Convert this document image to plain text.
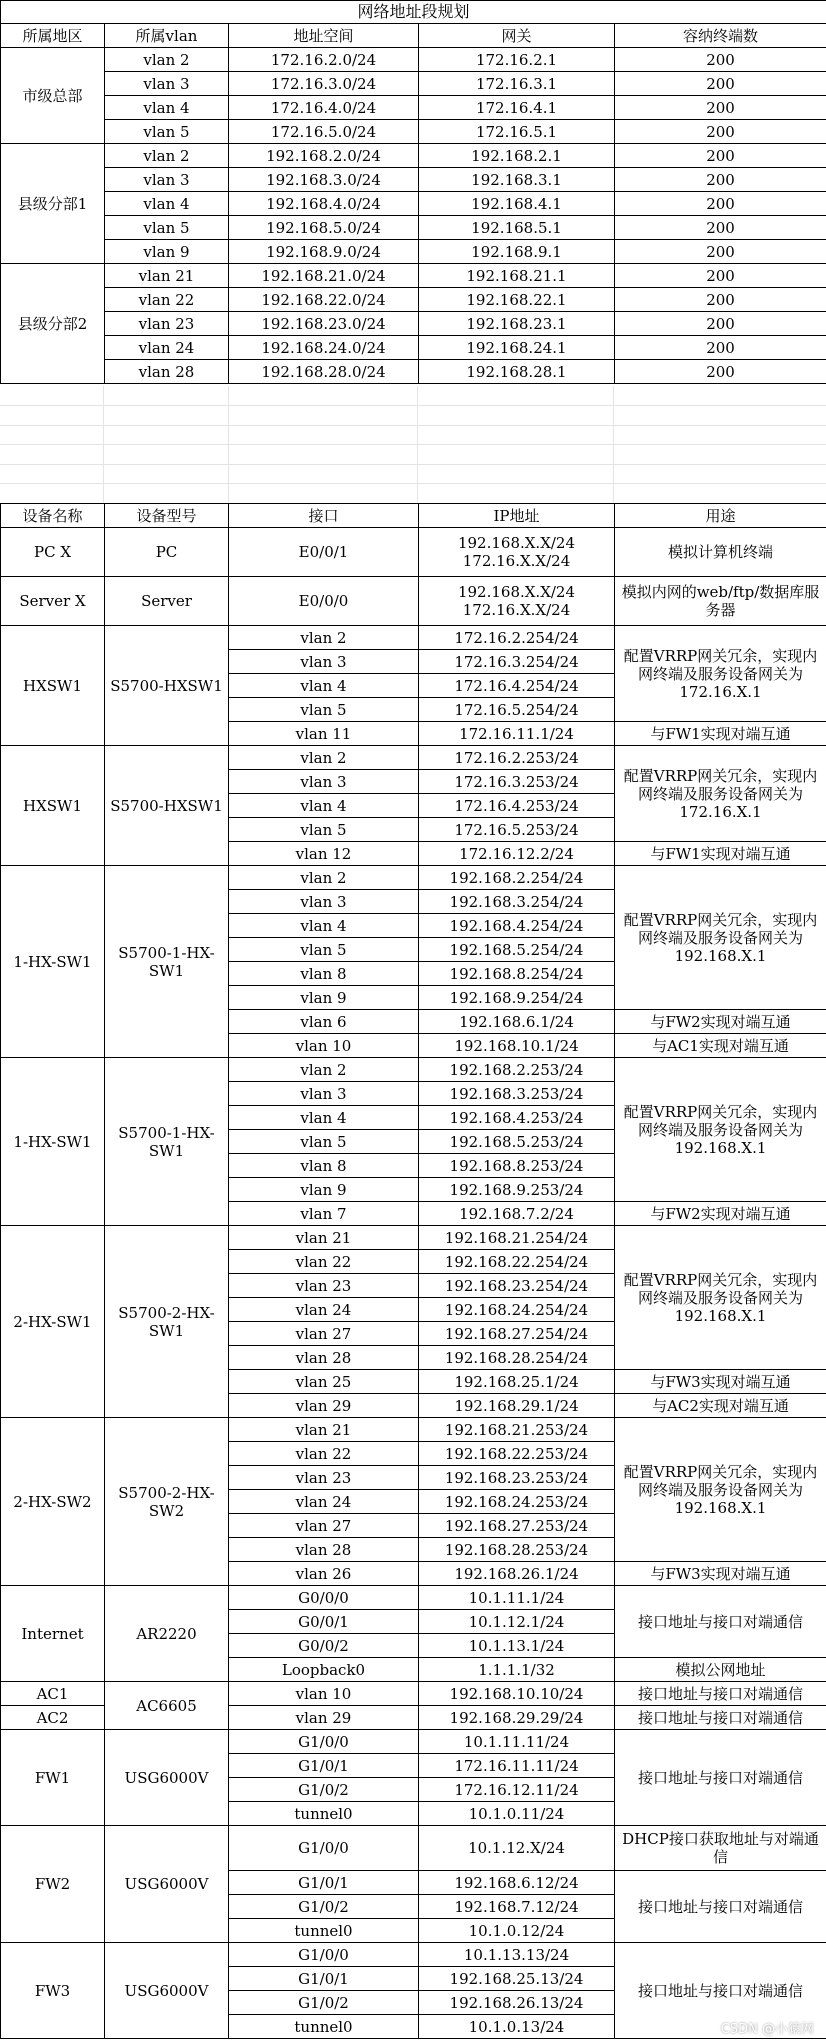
网络地址段规划				
所属地区	所属vlan	地址空间	网关	容纳终端数
市级总部	vlan 2	172.16.2.0/24	172.16.2.1	200
	vlan 3	172.16.3.0/24	172.16.3.1	200
	vlan 4	172.16.4.0/24	172.16.4.1	200
	vlan 5	172.16.5.0/24	172.16.5.1	200
县级分部1	vlan 2	192.168.2.0/24	192.168.2.1	200
	vlan 3	192.168.3.0/24	192.168.3.1	200
	vlan 4	192.168.4.0/24	192.168.4.1	200
	vlan 5	192.168.5.0/24	192.168.5.1	200
	vlan 9	192.168.9.0/24	192.168.9.1	200
县级分部2	vlan 21	192.168.21.0/24	192.168.21.1	200
	vlan 22	192.168.22.0/24	192.168.22.1	200
	vlan 23	192.168.23.0/24	192.168.23.1	200
	vlan 24	192.168.24.0/24	192.168.24.1	200
	vlan 28	192.168.28.0/24	192.168.28.1	200
设备名称	设备型号	接口	IP地址	用途
PC X	PC	E0/0/1	192.168.X.X/24 172.16.X.X/24	模拟计算机终端
Server X	Server	E0/0/0	192.168.X.X/24 172.16.X.X/24	模拟内网的web/ftp/数据库服务器
HXSW1	S5700-HXSW1	vlan 2	172.16.2.254/24	配置VRRP网关冗余，实现内网终端及服务设备网关为172.16.X.1
		vlan 3	172.16.3.254/24	
		vlan 4	172.16.4.254/24	
		vlan 5	172.16.5.254/24	
		vlan 11	172.16.11.1/24	与FW1实现对端互通
HXSW1	S5700-HXSW1	vlan 2	172.16.2.253/24	配置VRRP网关冗余，实现内网终端及服务设备网关为172.16.X.1
		vlan 3	172.16.3.253/24	
		vlan 4	172.16.4.253/24	
		vlan 5	172.16.5.253/24	
		vlan 12	172.16.12.2/24	与FW1实现对端互通
1-HX-SW1	S5700-1-HX-SW1	vlan 2	192.168.2.254/24	配置VRRP网关冗余，实现内网终端及服务设备网关为192.168.X.1
		vlan 3	192.168.3.254/24	
		vlan 4	192.168.4.254/24	
		vlan 5	192.168.5.254/24	
		vlan 8	192.168.8.254/24	
		vlan 9	192.168.9.254/24	
		vlan 6	192.168.6.1/24	与FW2实现对端互通
		vlan 10	192.168.10.1/24	与AC1实现对端互通
1-HX-SW1	S5700-1-HX-SW1	vlan 2	192.168.2.253/24	配置VRRP网关冗余，实现内网终端及服务设备网关为192.168.X.1
		vlan 3	192.168.3.253/24	
		vlan 4	192.168.4.253/24	
		vlan 5	192.168.5.253/24	
		vlan 8	192.168.8.253/24	
		vlan 9	192.168.9.253/24	
		vlan 7	192.168.7.2/24	与FW2实现对端互通
2-HX-SW1	S5700-2-HX-SW1	vlan 21	192.168.21.254/24	配置VRRP网关冗余，实现内网终端及服务设备网关为192.168.X.1
		vlan 22	192.168.22.254/24	
		vlan 23	192.168.23.254/24	
		vlan 24	192.168.24.254/24	
		vlan 27	192.168.27.254/24	
		vlan 28	192.168.28.254/24	
		vlan 25	192.168.25.1/24	与FW3实现对端互通
		vlan 29	192.168.29.1/24	与AC2实现对端互通
2-HX-SW2	S5700-2-HX-SW2	vlan 21	192.168.21.253/24	配置VRRP网关冗余，实现内网终端及服务设备网关为192.168.X.1
		vlan 22	192.168.22.253/24	
		vlan 23	192.168.23.253/24	
		vlan 24	192.168.24.253/24	
		vlan 27	192.168.27.253/24	
		vlan 28	192.168.28.253/24	
		vlan 26	192.168.26.1/24	与FW3实现对端互通
Internet	AR2220	G0/0/0	10.1.11.1/24	接口地址与接口对端通信
		G0/0/1	10.1.12.1/24	
		G0/0/2	10.1.13.1/24	
		Loopback0	1.1.1.1/32	模拟公网地址
AC1	AC6605	vlan 10	192.168.10.10/24	接口地址与接口对端通信
AC2		vlan 29	192.168.29.29/24	接口地址与接口对端通信
FW1	USG6000V	G1/0/0	10.1.11.11/24	接口地址与接口对端通信
		G1/0/1	172.16.11.11/24	
		G1/0/2	172.16.12.11/24	
		tunnel0	10.1.0.11/24	
FW2	USG6000V	G1/0/0	10.1.12.X/24	DHCP接口获取地址与对端通信
		G1/0/1	192.168.6.12/24	接口地址与接口对端通信
		G1/0/2	192.168.7.12/24	
		tunnel0	10.1.0.12/24	
FW3	USG6000V	G1/0/0	10.1.13.13/24	接口地址与接口对端通信
		G1/0/1	192.168.25.13/24	
		G1/0/2	192.168.26.13/24	
		tunnel0	10.1.0.13/24		CSDN @小猿网
